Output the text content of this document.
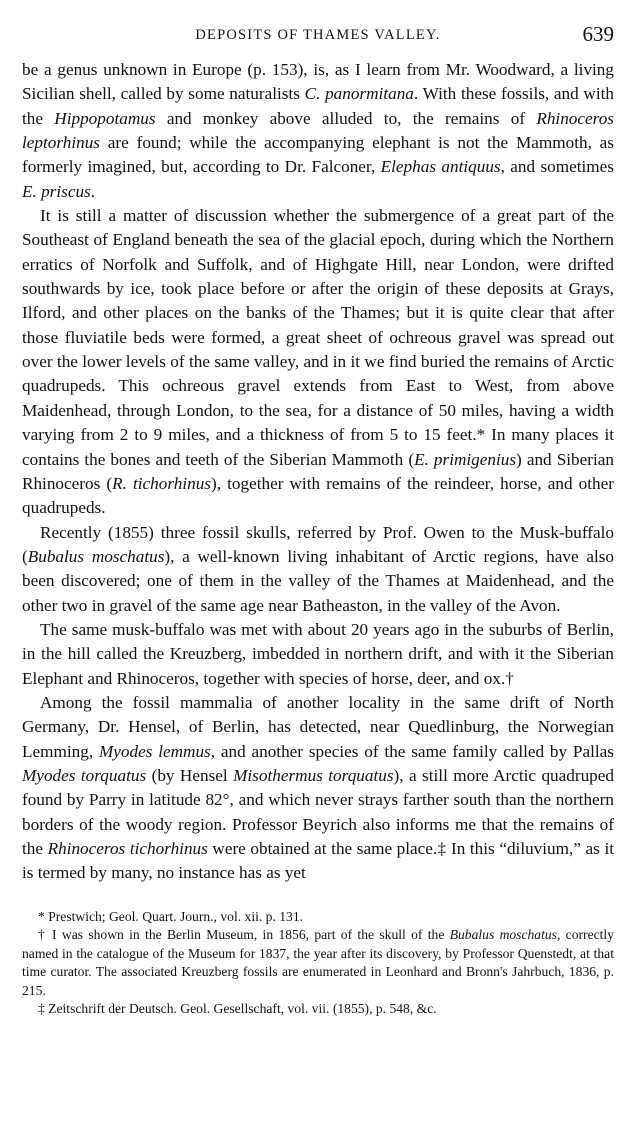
DEPOSITS OF THAMES VALLEY.	639

be a genus unknown in Europe (p. 153), is, as I learn from Mr. Woodward, a living Sicilian shell, called by some naturalists C. panormitana. With these fossils, and with the Hippopotamus and monkey above alluded to, the remains of Rhinoceros leptorhinus are found; while the accompanying elephant is not the Mammoth, as formerly imagined, but, according to Dr. Falconer, Elephas antiquus, and sometimes E. priscus.

It is still a matter of discussion whether the submergence of a great part of the Southeast of England beneath the sea of the glacial epoch, during which the Northern erratics of Norfolk and Suffolk, and of Highgate Hill, near London, were drifted southwards by ice, took place before or after the origin of these deposits at Grays, Ilford, and other places on the banks of the Thames; but it is quite clear that after those fluviatile beds were formed, a great sheet of ochreous gravel was spread out over the lower levels of the same valley, and in it we find buried the remains of Arctic quadrupeds. This ochreous gravel extends from East to West, from above Maidenhead, through London, to the sea, for a distance of 50 miles, having a width varying from 2 to 9 miles, and a thickness of from 5 to 15 feet.* In many places it contains the bones and teeth of the Siberian Mammoth (E. primigenius) and Siberian Rhinoceros (R. tichorhinus), together with remains of the reindeer, horse, and other quadrupeds.

Recently (1855) three fossil skulls, referred by Prof. Owen to the Musk-buffalo (Bubalus moschatus), a well-known living inhabitant of Arctic regions, have also been discovered; one of them in the valley of the Thames at Maidenhead, and the other two in gravel of the same age near Batheaston, in the valley of the Avon.

The same musk-buffalo was met with about 20 years ago in the suburbs of Berlin, in the hill called the Kreuzberg, imbedded in northern drift, and with it the Siberian Elephant and Rhinoceros, together with species of horse, deer, and ox.†

Among the fossil mammalia of another locality in the same drift of North Germany, Dr. Hensel, of Berlin, has detected, near Quedlinburg, the Norwegian Lemming, Myodes lemmus, and another species of the same family called by Pallas Myodes torquatus (by Hensel Misothermus torquatus), a still more Arctic quadruped found by Parry in latitude 82°, and which never strays farther south than the northern borders of the woody region. Professor Beyrich also informs me that the remains of the Rhinoceros tichorhinus were obtained at the same place.‡ In this “diluvium,” as it is termed by many, no instance has as yet

* Prestwich; Geol. Quart. Journ., vol. xii. p. 131.

† I was shown in the Berlin Museum, in 1856, part of the skull of the Bubalus moschatus, correctly named in the catalogue of the Museum for 1837, the year after its discovery, by Professor Quenstedt, at that time curator. The associated Kreuzberg fossils are enumerated in Leonhard and Bronn's Jahrbuch, 1836, p. 215.

‡ Zeitschrift der Deutsch. Geol. Gesellschaft, vol. vii. (1855), p. 548, &c.
